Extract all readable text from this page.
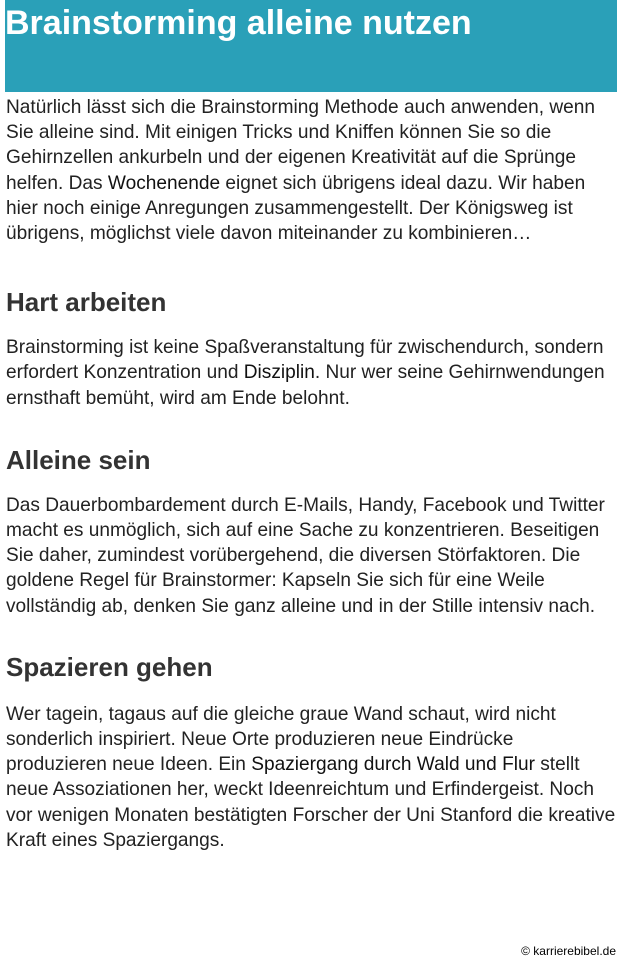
Brainstorming alleine nutzen

Natürlich lässt sich die Brainstorming Methode auch anwenden, wenn Sie alleine sind. Mit einigen Tricks und Kniffen können Sie so die Gehirnzellen ankurbeln und der eigenen Kreativität auf die Sprünge helfen. Das Wochenende eignet sich übrigens ideal dazu. Wir haben hier noch einige Anregungen zusammengestellt. Der Königsweg ist übrigens, möglichst viele davon miteinander zu kombinieren…

Hart arbeiten

Brainstorming ist keine Spaßveranstaltung für zwischendurch, sondern erfordert Konzentration und Disziplin. Nur wer seine Gehirnwendungen ernsthaft bemüht, wird am Ende belohnt.

Alleine sein

Das Dauerbombardement durch E-Mails, Handy, Facebook und Twitter macht es unmöglich, sich auf eine Sache zu konzentrieren. Beseitigen Sie daher, zumindest vorübergehend, die diversen Störfaktoren. Die goldene Regel für Brainstormer: Kapseln Sie sich für eine Weile vollständig ab, denken Sie ganz alleine und in der Stille intensiv nach.

Spazieren gehen

Wer tagein, tagaus auf die gleiche graue Wand schaut, wird nicht sonderlich inspiriert. Neue Orte produzieren neue Eindrücke produzieren neue Ideen. Ein Spaziergang durch Wald und Flur stellt neue Assoziationen her, weckt Ideenreichtum und Erfindergeist. Noch vor wenigen Monaten bestätigten Forscher der Uni Stanford die kreative Kraft eines Spaziergangs.

© karrierebibel.de
